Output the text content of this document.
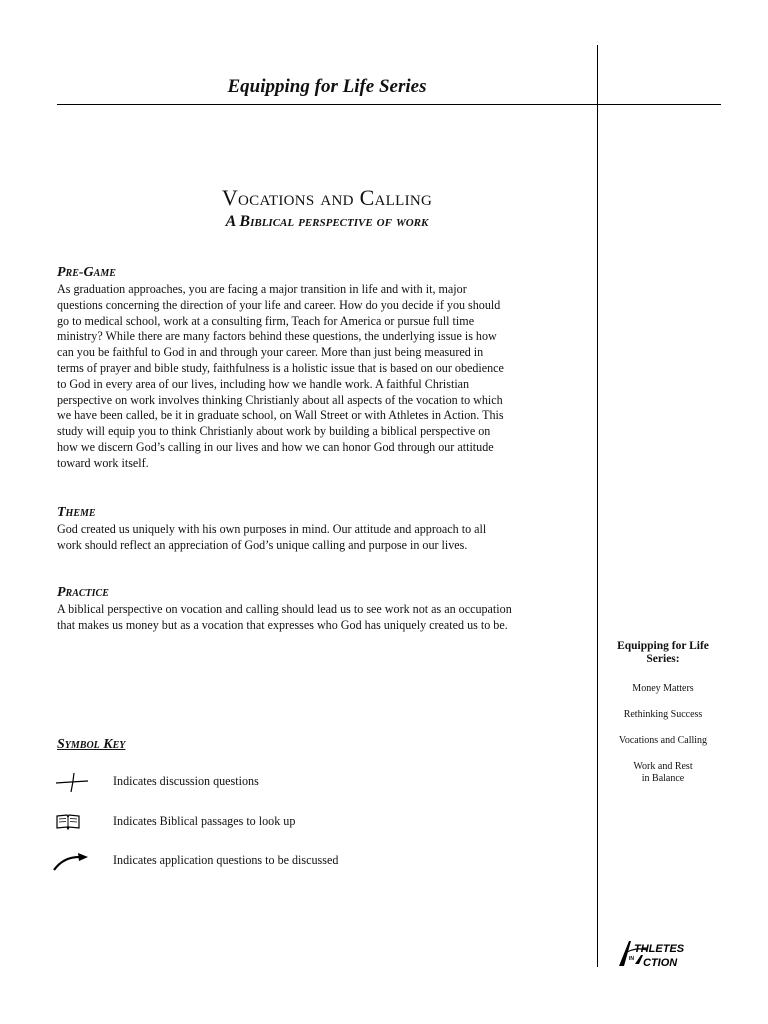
Equipping for Life Series
Vocations and Calling
A Biblical perspective of work
Pre-Game
As graduation approaches, you are facing a major transition in life and with it, major
questions concerning the direction of your life and career. How do you decide if you should
go to medical school, work at a consulting firm, Teach for America or pursue full time
ministry? While there are many factors behind these questions, the underlying issue is how
can you be faithful to God in and through your career. More than just being measured in
terms of prayer and bible study, faithfulness is a holistic issue that is based on our obedience
to God in every area of our lives, including how we handle work. A faithful Christian
perspective on work involves thinking Christianly about all aspects of the vocation to which
we have been called, be it in graduate school, on Wall Street or with Athletes in Action. This
study will equip you to think Christianly about work by building a biblical perspective on
how we discern God’s calling in our lives and how we can honor God through our attitude
toward work itself.
Theme
God created us uniquely with his own purposes in mind. Our attitude and approach to all
work should reflect an appreciation of God’s unique calling and purpose in our lives.
Practice
A biblical perspective on vocation and calling should lead us to see work not as an occupation
that makes us money but as a vocation that expresses who God has uniquely created us to be.
Symbol Key
Indicates discussion questions
Indicates Biblical passages to look up
Indicates application questions to be discussed
Equipping for Life
Series:
Money Matters
Rethinking Success
Vocations and Calling
Work and Rest
in Balance
THLETES
IN CTION
